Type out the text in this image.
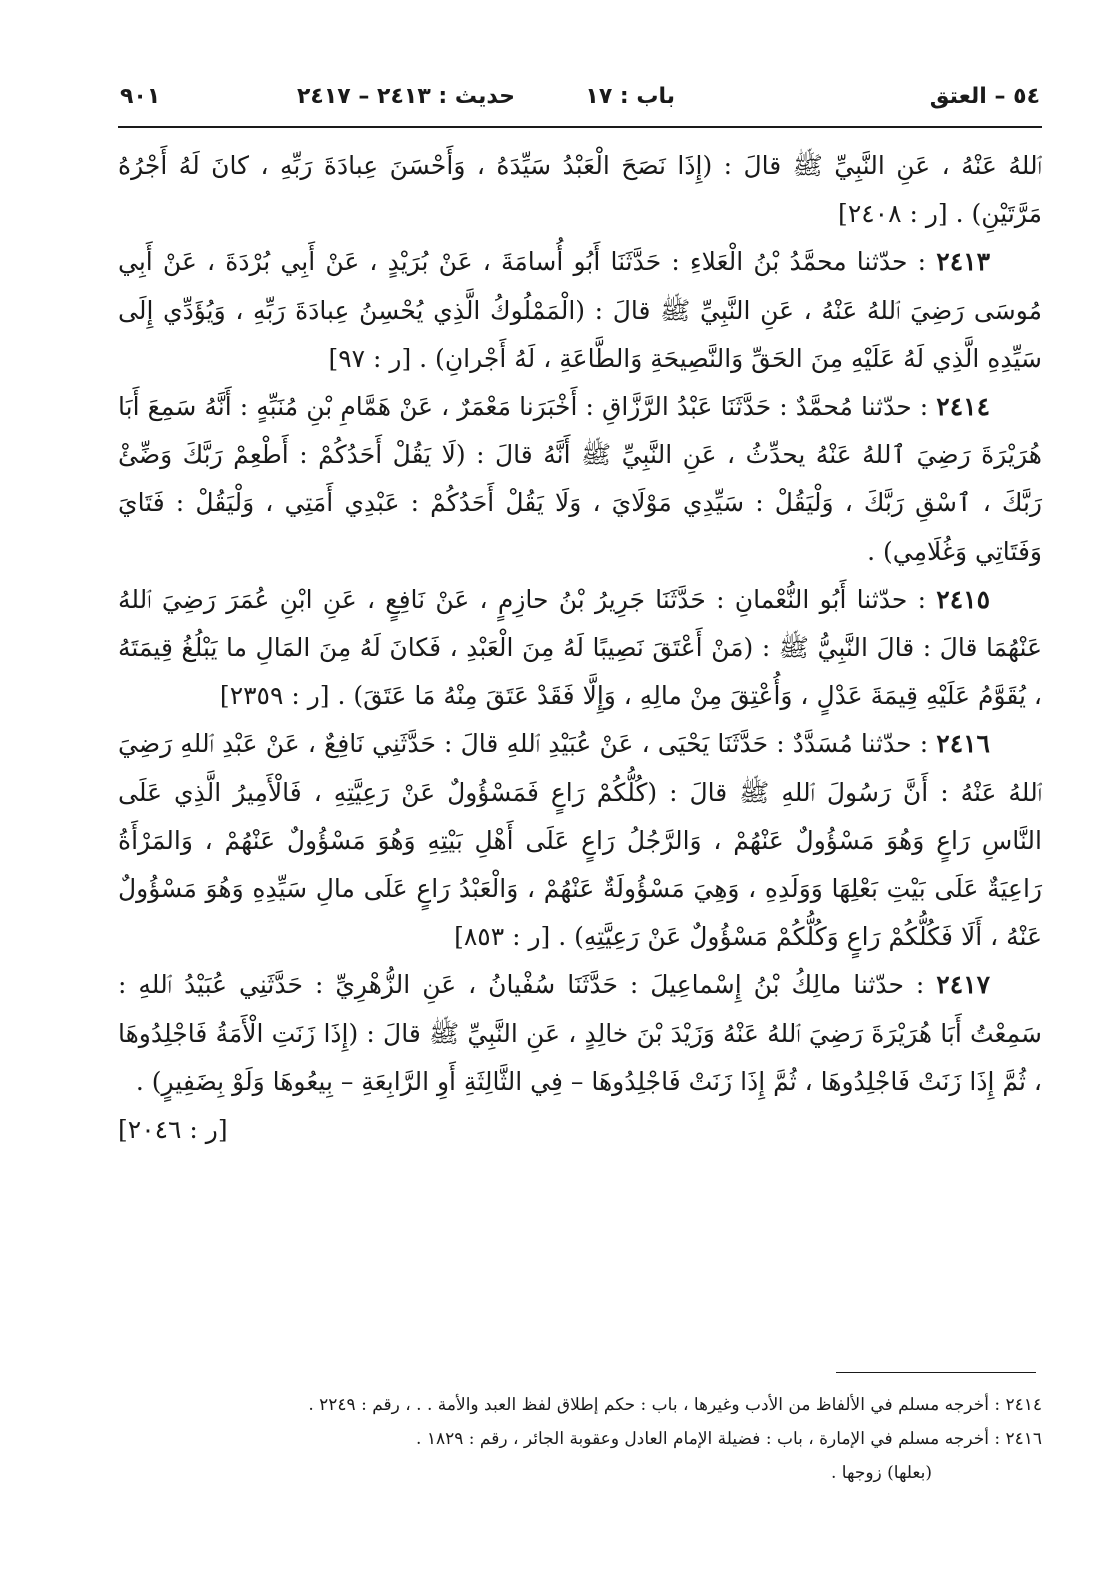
٥٤ – العتق
باب : ١٧
حديث : ٢٤١٣ – ٢٤١٧
٩٠١

ٱللهُ عَنْهُ ، عَنِ النَّبِيِّ ﷺ قالَ : (إِذَا نَصَحَ الْعَبْدُ سَيِّدَهُ ، وَأَحْسَنَ عِبادَةَ رَبِّهِ ، كانَ لَهُ أَجْرُهُ مَرَّتَيْنِ) . [ر : ٢٤٠٨]

٢٤١٣ : حدّثنا محمَّدُ بْنُ الْعَلاءِ : حَدَّثَنَا أَبُو أُسامَةَ ، عَنْ بُرَيْدٍ ، عَنْ أَبِي بُرْدَةَ ، عَنْ أَبِي مُوسَى رَضِيَ ٱللهُ عَنْهُ ، عَنِ النَّبِيِّ ﷺ قالَ : (الْمَمْلُوكُ الَّذِي يُحْسِنُ عِبادَةَ رَبِّهِ ، وَيُؤَدِّي إِلَى سَيِّدِهِ الَّذِي لَهُ عَلَيْهِ مِنَ الحَقِّ وَالنَّصِيحَةِ وَالطَّاعَةِ ، لَهُ أَجْرانِ) . [ر : ٩٧]

٢٤١٤ : حدّثنا مُحمَّدٌ : حَدَّثَنَا عَبْدُ الرَّزَّاقِ : أَخْبَرَنا مَعْمَرٌ ، عَنْ هَمَّامِ بْنِ مُنَبِّهٍ : أَنَّهُ سَمِعَ أَبَا هُرَيْرَةَ رَضِيَ ٱللهُ عَنْهُ يحدِّثُ ، عَنِ النَّبِيِّ ﷺ أَنَّهُ قالَ : (لَا يَقُلْ أَحَدُكُمْ : أَطْعِمْ رَبَّكَ وَضِّئْ رَبَّكَ ، ٱسْقِ رَبَّكَ ، وَلْيَقُلْ : سَيِّدِي مَوْلَايَ ، وَلَا يَقُلْ أَحَدُكُمْ : عَبْدِي أَمَتِي ، وَلْيَقُلْ : فَتَايَ وَفَتَاتِي وَغُلَامِي) .

٢٤١٥ : حدّثنا أَبُو النُّعْمانِ : حَدَّثَنَا جَرِيرُ بْنُ حازِمٍ ، عَنْ نَافِعٍ ، عَنِ ابْنِ عُمَرَ رَضِيَ ٱللهُ عَنْهُمَا قالَ : قالَ النَّبِيُّ ﷺ : (مَنْ أَعْتَقَ نَصِيبًا لَهُ مِنَ الْعَبْدِ ، فَكانَ لَهُ مِنَ المَالِ ما يَبْلُغُ قِيمَتَهُ ، يُقَوَّمُ عَلَيْهِ قِيمَةَ عَدْلٍ ، وَأُعْتِقَ مِنْ مالِهِ ، وَإِلَّا فَقَدْ عَتَقَ مِنْهُ مَا عَتَقَ) . [ر : ٢٣٥٩]

٢٤١٦ : حدّثنا مُسَدَّدٌ : حَدَّثَنَا يَحْيَى ، عَنْ عُبَيْدِ ٱللهِ قالَ : حَدَّثَنِي نَافِعٌ ، عَنْ عَبْدِ ٱللهِ رَضِيَ ٱللهُ عَنْهُ : أَنَّ رَسُولَ ٱللهِ ﷺ قالَ : (كُلُّكُمْ رَاعٍ فَمَسْؤُولٌ عَنْ رَعِيَّتِهِ ، فَالْأَمِيرُ الَّذِي عَلَى النَّاسِ رَاعٍ وَهُوَ مَسْؤُولٌ عَنْهُمْ ، وَالرَّجُلُ رَاعٍ عَلَى أَهْلِ بَيْتِهِ وَهُوَ مَسْؤُولٌ عَنْهُمْ ، وَالمَرْأَةُ رَاعِيَةٌ عَلَى بَيْتِ بَعْلِهَا وَوَلَدِهِ ، وَهِيَ مَسْؤُولَةٌ عَنْهُمْ ، وَالْعَبْدُ رَاعٍ عَلَى مالِ سَيِّدِهِ وَهُوَ مَسْؤُولٌ عَنْهُ ، أَلَا فَكُلُّكُمْ رَاعٍ وَكُلُّكُمْ مَسْؤُولٌ عَنْ رَعِيَّتِهِ) . [ر : ٨٥٣]

٢٤١٧ : حدّثنا مالِكُ بْنُ إِسْماعِيلَ : حَدَّثَنَا سُفْيانُ ، عَنِ الزُّهْرِيِّ : حَدَّثَنِي عُبَيْدُ ٱللهِ : سَمِعْتُ أَبَا هُرَيْرَةَ رَضِيَ ٱللهُ عَنْهُ وَزَيْدَ بْنَ خالِدٍ ، عَنِ النَّبِيِّ ﷺ قالَ : (إِذَا زَنَتِ الْأَمَةُ فَاجْلِدُوهَا ، ثُمَّ إِذَا زَنَتْ فَاجْلِدُوهَا ، ثُمَّ إِذَا زَنَتْ فَاجْلِدُوهَا – فِي الثَّالِثَةِ أَوِ الرَّابِعَةِ – بِيعُوهَا وَلَوْ بِضَفِيرٍ) .

[ر : ٢٠٤٦]

٢٤١٤ : أخرجه مسلم في الألفاظ من الأدب وغيرها ، باب : حكم إطلاق لفظ العبد والأمة . . ، رقم : ٢٢٤٩ .

٢٤١٦ : أخرجه مسلم في الإمارة ، باب : فضيلة الإمام العادل وعقوبة الجائر ، رقم : ١٨٢٩ .

(بعلها) زوجها .
